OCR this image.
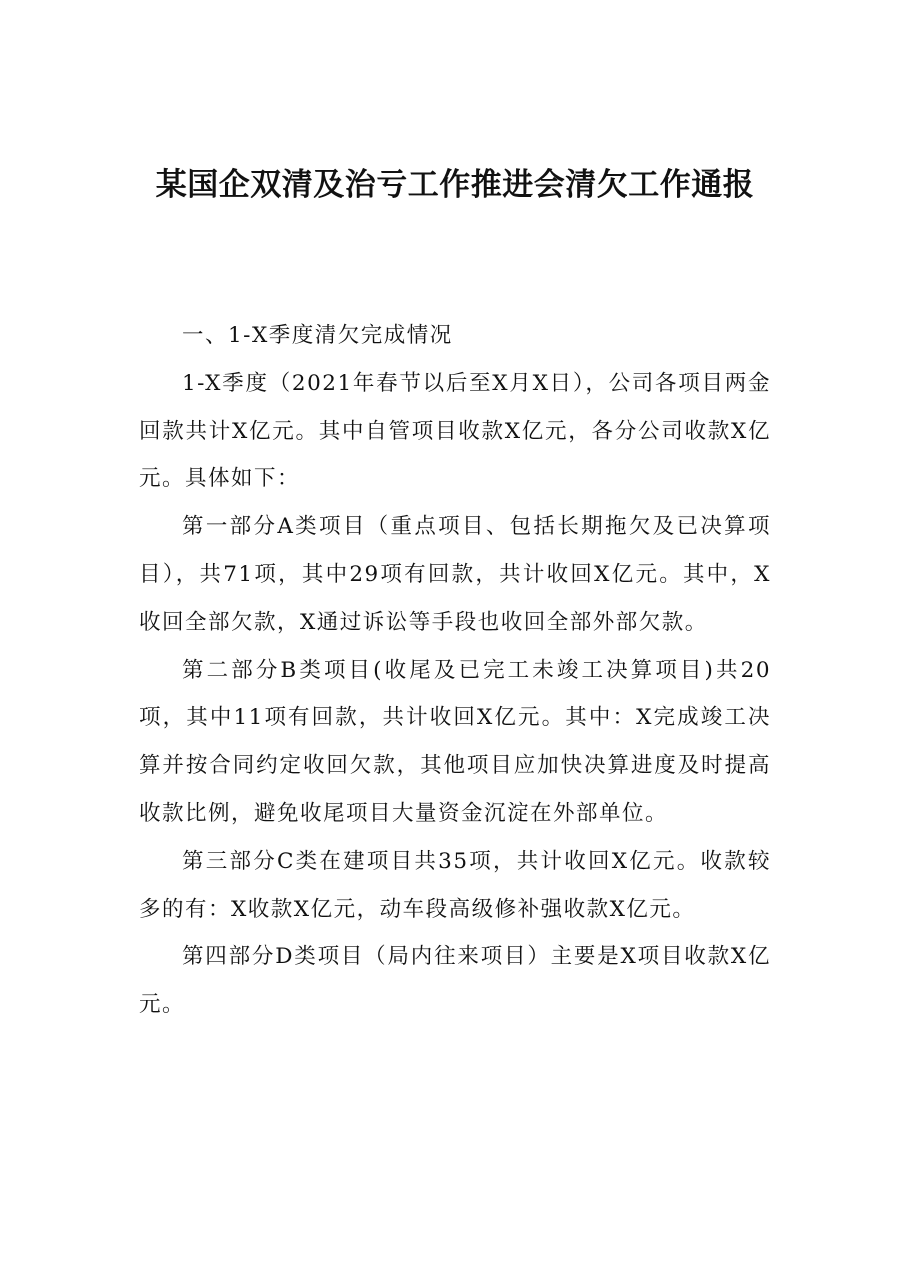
某国企双清及治亏工作推进会清欠工作通报

一、1-X季度清欠完成情况

1-X季度（2021年春节以后至X月X日），公司各项目两金回款共计X亿元。其中自管项目收款X亿元，各分公司收款X亿元。具体如下：

第一部分A类项目（重点项目、包括长期拖欠及已决算项目），共71项，其中29项有回款，共计收回X亿元。其中，X收回全部欠款，X通过诉讼等手段也收回全部外部欠款。

第二部分B类项目(收尾及已完工未竣工决算项目)共20项，其中11项有回款，共计收回X亿元。其中：X完成竣工决算并按合同约定收回欠款，其他项目应加快决算进度及时提高收款比例，避免收尾项目大量资金沉淀在外部单位。

第三部分C类在建项目共35项，共计收回X亿元。收款较多的有：X收款X亿元，动车段高级修补强收款X亿元。

第四部分D类项目（局内往来项目）主要是X项目收款X亿元。
